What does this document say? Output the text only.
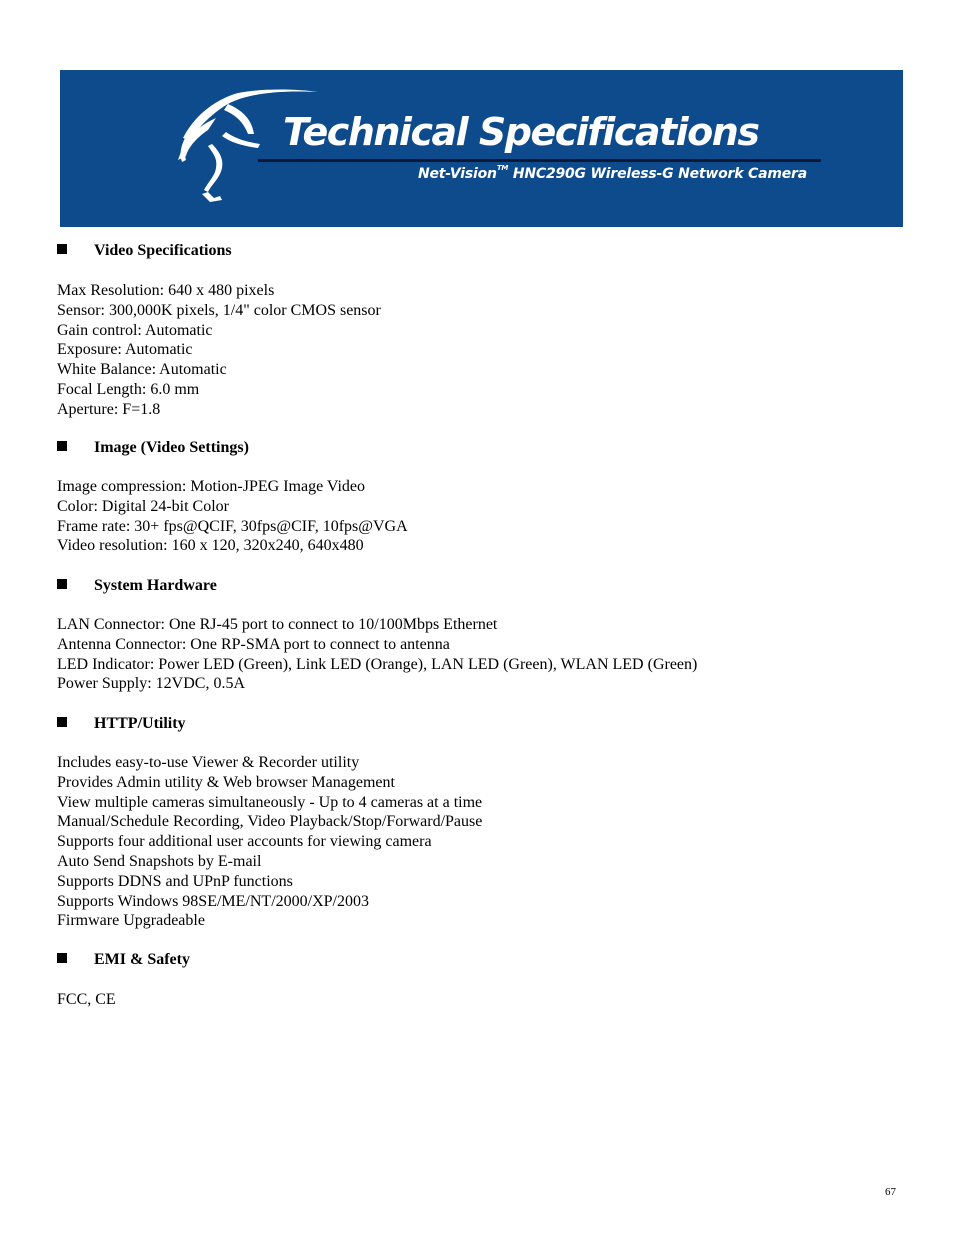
Technical Specifications
Net-Vision™ HNC290G Wireless-G Network Camera
Video Specifications
Max Resolution: 640 x 480 pixels
Sensor: 300,000K pixels, 1/4" color CMOS sensor
Gain control: Automatic
Exposure: Automatic
White Balance: Automatic
Focal Length: 6.0 mm
Aperture: F=1.8
Image (Video Settings)
Image compression: Motion-JPEG Image Video
Color: Digital 24-bit Color
Frame rate: 30+ fps@QCIF, 30fps@CIF, 10fps@VGA
Video resolution: 160 x 120, 320x240, 640x480
System Hardware
LAN Connector: One RJ-45 port to connect to 10/100Mbps Ethernet
Antenna Connector: One RP-SMA port to connect to antenna
LED Indicator: Power LED (Green), Link LED (Orange), LAN LED (Green), WLAN LED (Green)
Power Supply: 12VDC, 0.5A
HTTP/Utility
Includes easy-to-use Viewer & Recorder utility
Provides Admin utility & Web browser Management
View multiple cameras simultaneously - Up to 4 cameras at a time
Manual/Schedule Recording, Video Playback/Stop/Forward/Pause
Supports four additional user accounts for viewing camera
Auto Send Snapshots by E-mail
Supports DDNS and UPnP functions
Supports Windows 98SE/ME/NT/2000/XP/2003
Firmware Upgradeable
EMI & Safety
FCC, CE
67
